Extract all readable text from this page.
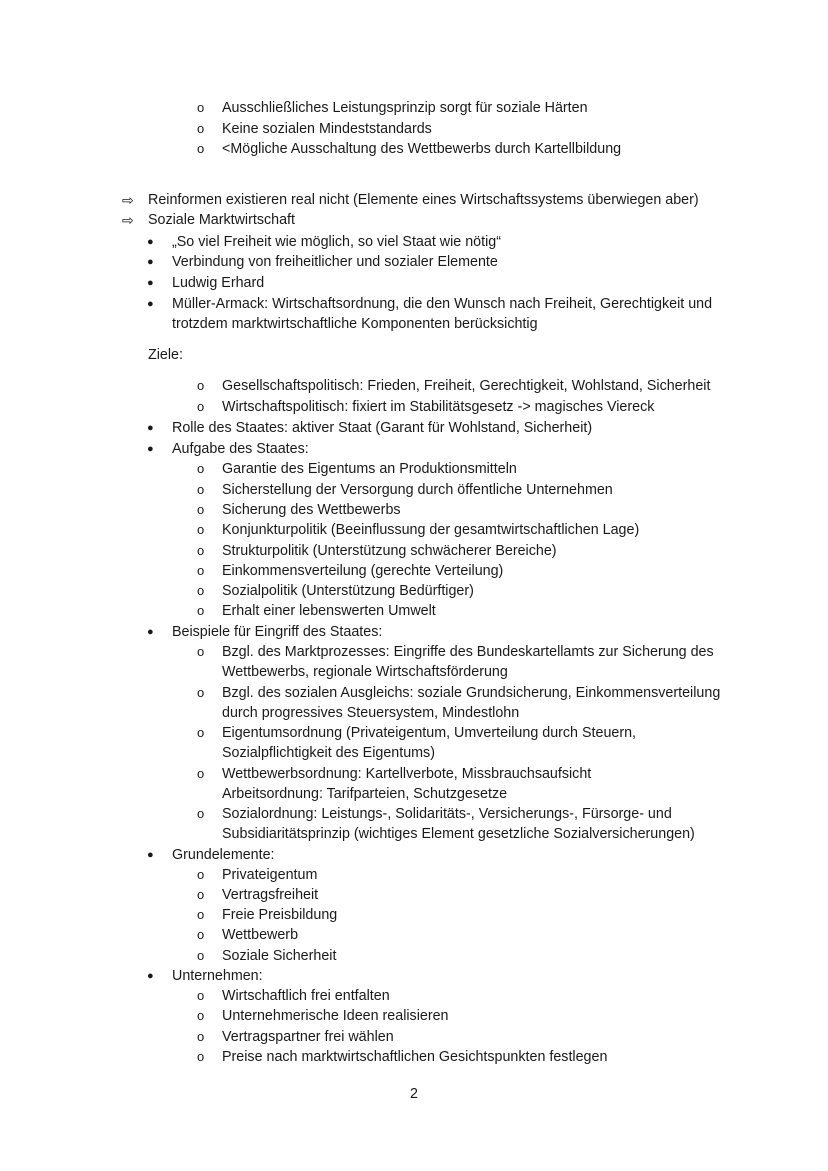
o Ausschließliches Leistungsprinzip sorgt für soziale Härten
o Keine sozialen Mindeststandards
o <Mögliche Ausschaltung des Wettbewerbs durch Kartellbildung
⇨ Reinformen existieren real nicht (Elemente eines Wirtschaftssystems überwiegen aber)
⇨ Soziale Marktwirtschaft
● „So viel Freiheit wie möglich, so viel Staat wie nötig“
● Verbindung von freiheitlicher und sozialer Elemente
● Ludwig Erhard
● Müller-Armack: Wirtschaftsordnung, die den Wunsch nach Freiheit, Gerechtigkeit und
trotzdem marktwirtschaftliche Komponenten berücksichtig
Ziele:
o Gesellschaftspolitisch: Frieden, Freiheit, Gerechtigkeit, Wohlstand, Sicherheit
o Wirtschaftspolitisch: fixiert im Stabilitätsgesetz -> magisches Viereck
● Rolle des Staates: aktiver Staat (Garant für Wohlstand, Sicherheit)
● Aufgabe des Staates:
o Garantie des Eigentums an Produktionsmitteln
o Sicherstellung der Versorgung durch öffentliche Unternehmen
o Sicherung des Wettbewerbs
o Konjunkturpolitik (Beeinflussung der gesamtwirtschaftlichen Lage)
o Strukturpolitik (Unterstützung schwächerer Bereiche)
o Einkommensverteilung (gerechte Verteilung)
o Sozialpolitik (Unterstützung Bedürftiger)
o Erhalt einer lebenswerten Umwelt
● Beispiele für Eingriff des Staates:
o Bzgl. des Marktprozesses: Eingriffe des Bundeskartellamts zur Sicherung des
Wettbewerbs, regionale Wirtschaftsförderung
o Bzgl. des sozialen Ausgleichs: soziale Grundsicherung, Einkommensverteilung
durch progressives Steuersystem, Mindestlohn
o Eigentumsordnung (Privateigentum, Umverteilung durch Steuern,
Sozialpflichtigkeit des Eigentums)
o Wettbewerbsordnung: Kartellverbote, Missbrauchsaufsicht
Arbeitsordnung: Tarifparteien, Schutzgesetze
o Sozialordnung: Leistungs-, Solidaritäts-, Versicherungs-, Fürsorge- und
Subsidiaritätsprinzip (wichtiges Element gesetzliche Sozialversicherungen)
● Grundelemente:
o Privateigentum
o Vertragsfreiheit
o Freie Preisbildung
o Wettbewerb
o Soziale Sicherheit
● Unternehmen:
o Wirtschaftlich frei entfalten
o Unternehmerische Ideen realisieren
o Vertragspartner frei wählen
o Preise nach marktwirtschaftlichen Gesichtspunkten festlegen
2
